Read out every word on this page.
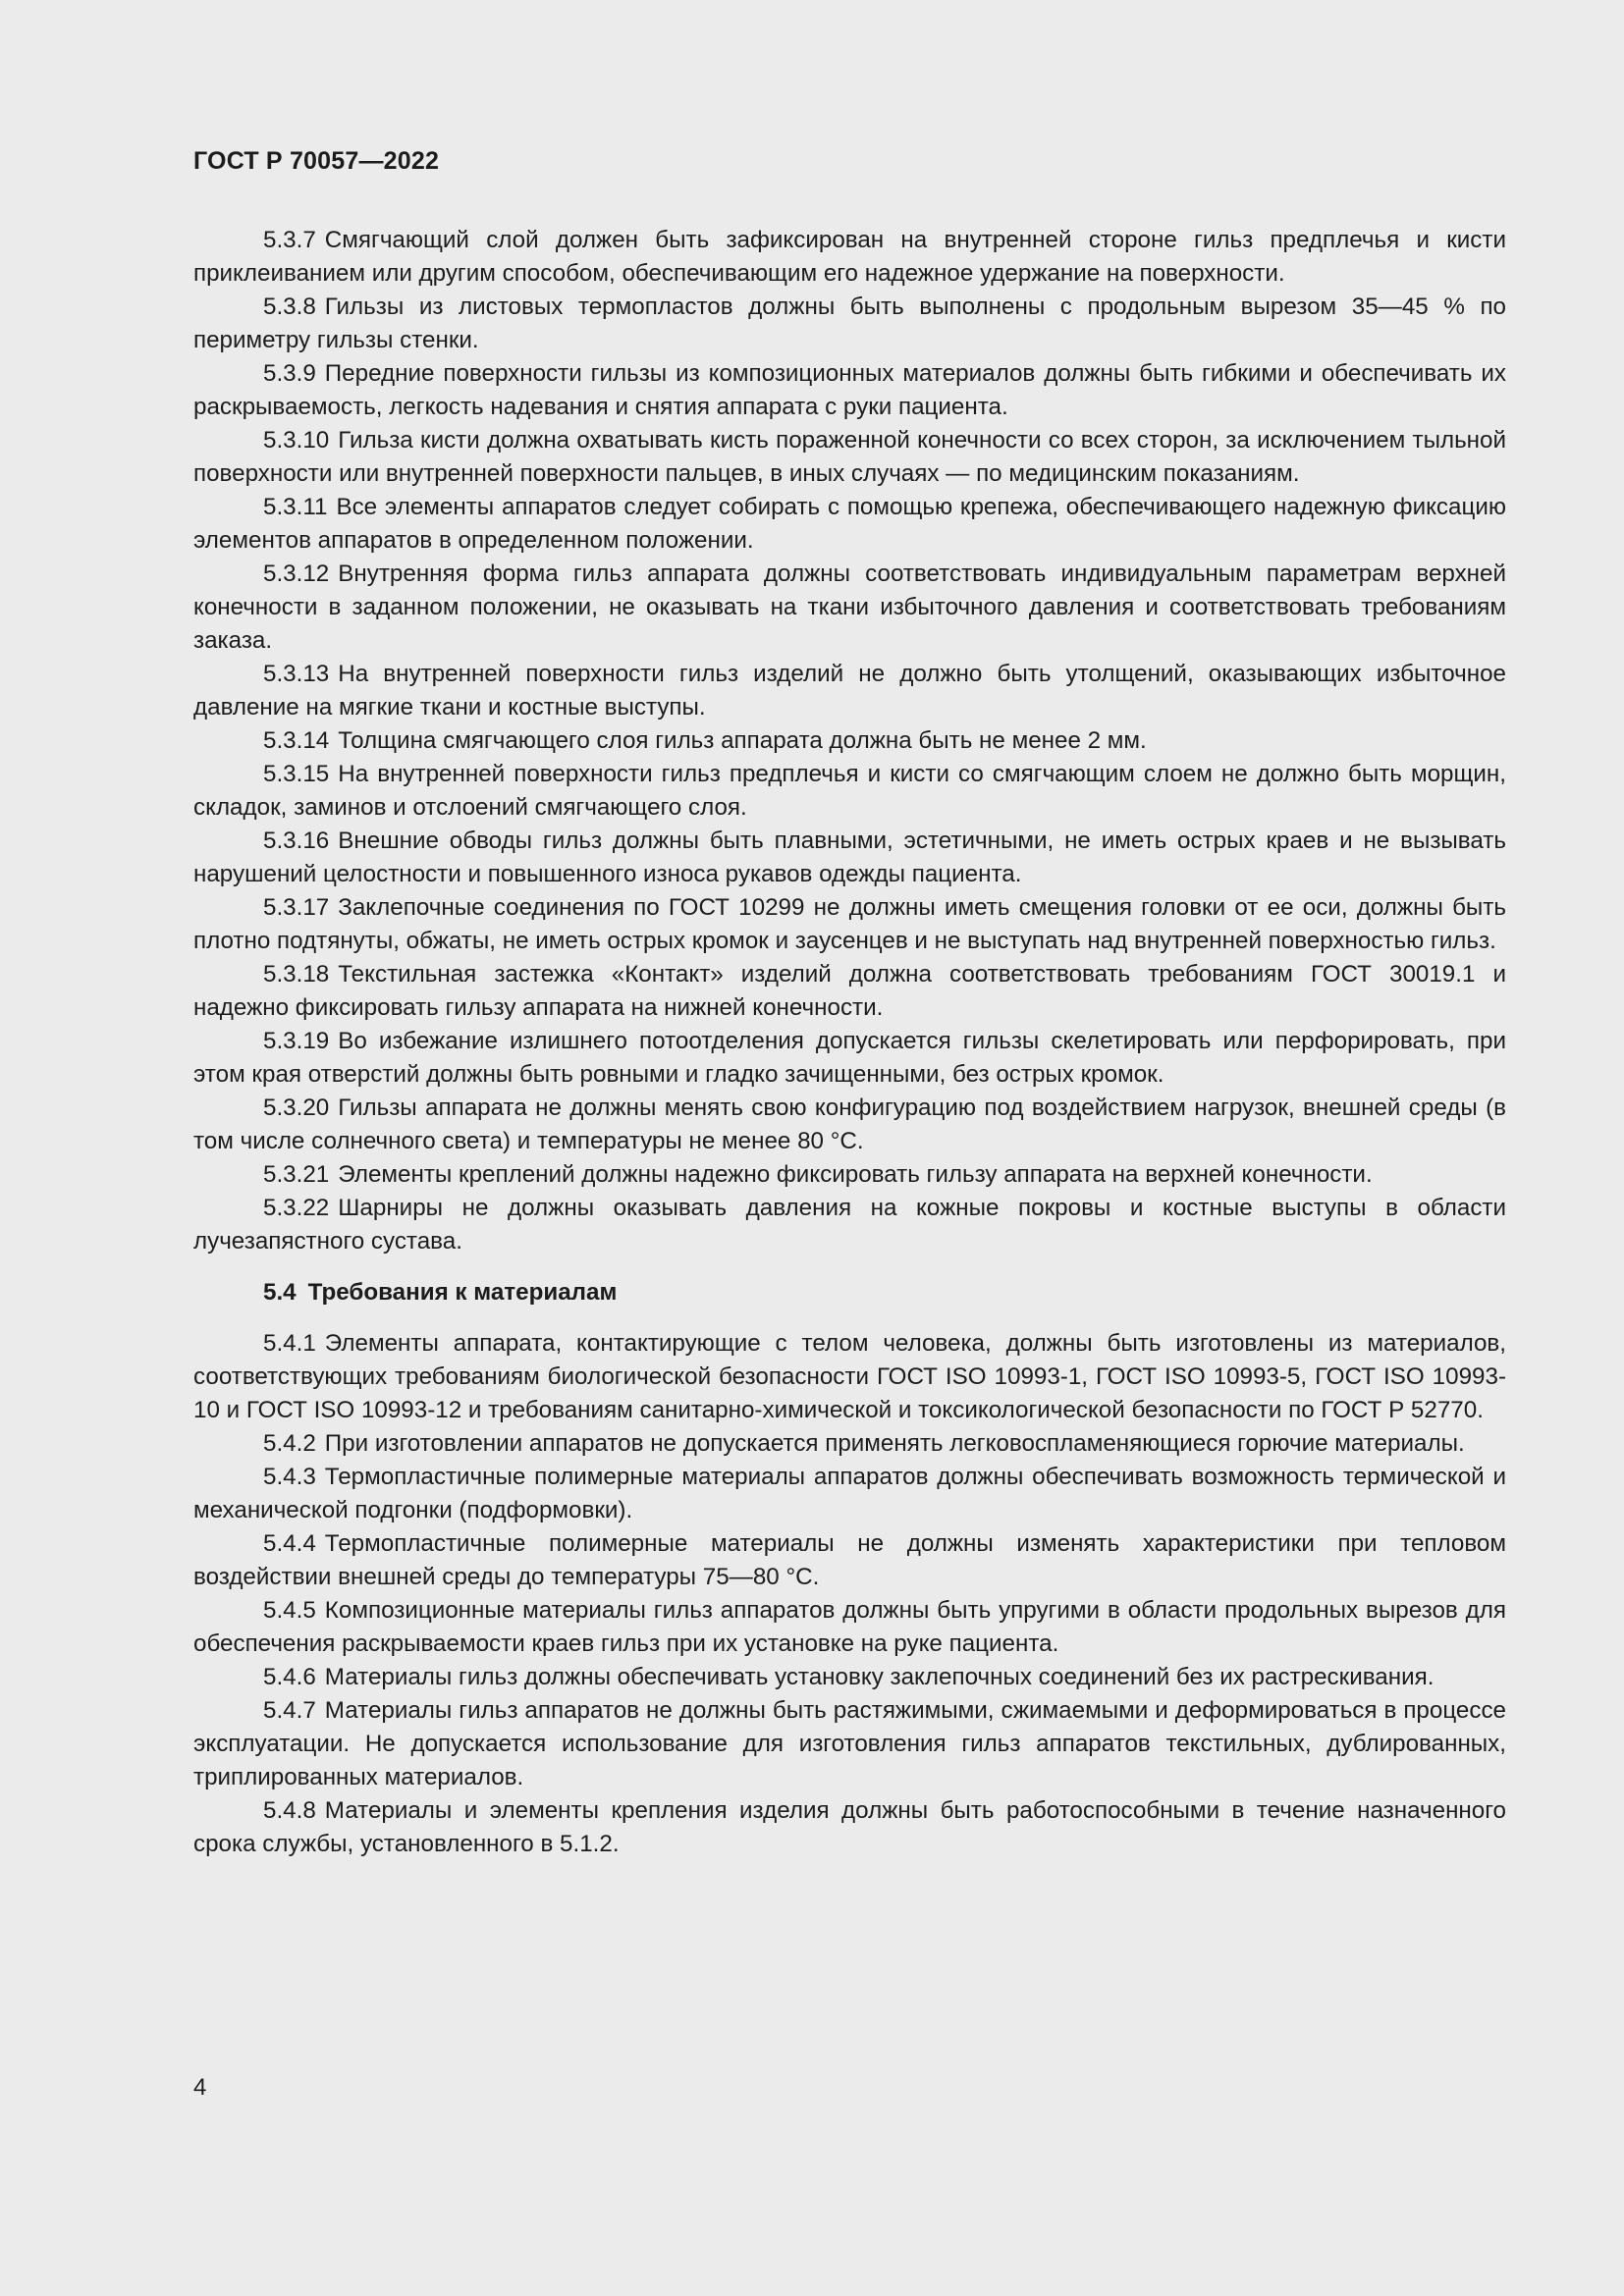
ГОСТ Р 70057—2022

5.3.7 Смягчающий слой должен быть зафиксирован на внутренней стороне гильз предплечья и кисти приклеиванием или другим способом, обеспечивающим его надежное удержание на поверхности.

5.3.8 Гильзы из листовых термопластов должны быть выполнены с продольным вырезом 35—45 % по периметру гильзы стенки.

5.3.9 Передние поверхности гильзы из композиционных материалов должны быть гибкими и обеспечивать их раскрываемость, легкость надевания и снятия аппарата с руки пациента.

5.3.10 Гильза кисти должна охватывать кисть пораженной конечности со всех сторон, за исключением тыльной поверхности или внутренней поверхности пальцев, в иных случаях — по медицинским показаниям.

5.3.11 Все элементы аппаратов следует собирать с помощью крепежа, обеспечивающего надежную фиксацию элементов аппаратов в определенном положении.

5.3.12 Внутренняя форма гильз аппарата должны соответствовать индивидуальным параметрам верхней конечности в заданном положении, не оказывать на ткани избыточного давления и соответствовать требованиям заказа.

5.3.13 На внутренней поверхности гильз изделий не должно быть утолщений, оказывающих избыточное давление на мягкие ткани и костные выступы.

5.3.14 Толщина смягчающего слоя гильз аппарата должна быть не менее 2 мм.

5.3.15 На внутренней поверхности гильз предплечья и кисти со смягчающим слоем не должно быть морщин, складок, заминов и отслоений смягчающего слоя.

5.3.16 Внешние обводы гильз должны быть плавными, эстетичными, не иметь острых краев и не вызывать нарушений целостности и повышенного износа рукавов одежды пациента.

5.3.17 Заклепочные соединения по ГОСТ 10299 не должны иметь смещения головки от ее оси, должны быть плотно подтянуты, обжаты, не иметь острых кромок и заусенцев и не выступать над внутренней поверхностью гильз.

5.3.18 Текстильная застежка «Контакт» изделий должна соответствовать требованиям ГОСТ 30019.1 и надежно фиксировать гильзу аппарата на нижней конечности.

5.3.19 Во избежание излишнего потоотделения допускается гильзы скелетировать или перфорировать, при этом края отверстий должны быть ровными и гладко зачищенными, без острых кромок.

5.3.20 Гильзы аппарата не должны менять свою конфигурацию под воздействием нагрузок, внешней среды (в том числе солнечного света) и температуры не менее 80 °С.

5.3.21 Элементы креплений должны надежно фиксировать гильзу аппарата на верхней конечности.

5.3.22 Шарниры не должны оказывать давления на кожные покровы и костные выступы в области лучезапястного сустава.

5.4 Требования к материалам

5.4.1 Элементы аппарата, контактирующие с телом человека, должны быть изготовлены из материалов, соответствующих требованиям биологической безопасности ГОСТ ISO 10993-1, ГОСТ ISO 10993-5, ГОСТ ISO 10993-10 и ГОСТ ISO 10993-12 и требованиям санитарно-химической и токсикологической безопасности по ГОСТ Р 52770.

5.4.2 При изготовлении аппаратов не допускается применять легковоспламеняющиеся горючие материалы.

5.4.3 Термопластичные полимерные материалы аппаратов должны обеспечивать возможность термической и механической подгонки (подформовки).

5.4.4 Термопластичные полимерные материалы не должны изменять характеристики при тепловом воздействии внешней среды до температуры 75—80 °С.

5.4.5 Композиционные материалы гильз аппаратов должны быть упругими в области продольных вырезов для обеспечения раскрываемости краев гильз при их установке на руке пациента.

5.4.6 Материалы гильз должны обеспечивать установку заклепочных соединений без их растрескивания.

5.4.7 Материалы гильз аппаратов не должны быть растяжимыми, сжимаемыми и деформироваться в процессе эксплуатации. Не допускается использование для изготовления гильз аппаратов текстильных, дублированных, триплированных материалов.

5.4.8 Материалы и элементы крепления изделия должны быть работоспособными в течение назначенного срока службы, установленного в 5.1.2.

4
